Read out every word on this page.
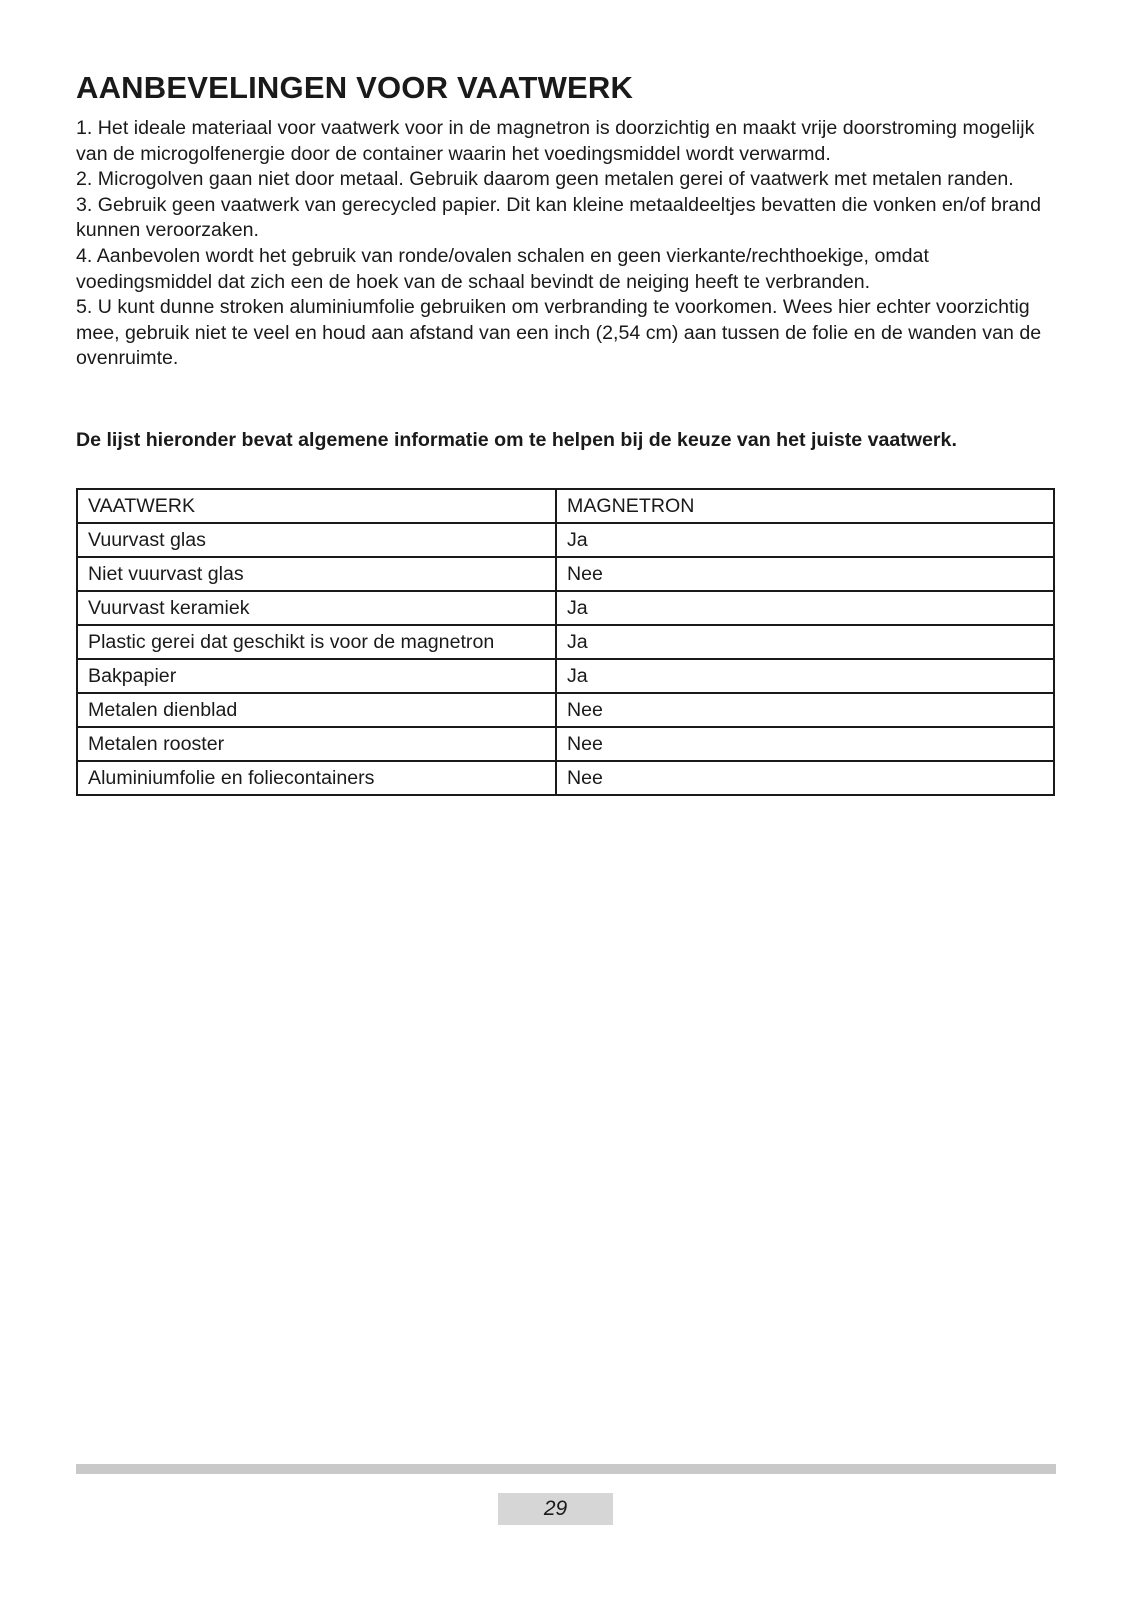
AANBEVELINGEN VOOR VAATWERK
1. Het ideale materiaal voor vaatwerk voor in de magnetron is doorzichtig en maakt vrije doorstroming mogelijk van de microgolfenergie door de container waarin het voedingsmiddel wordt verwarmd.
2. Microgolven gaan niet door metaal. Gebruik daarom geen metalen gerei of vaatwerk met metalen randen.
3. Gebruik geen vaatwerk van gerecycled papier. Dit kan kleine metaaldeeltjes bevatten die vonken en/of brand kunnen veroorzaken.
4. Aanbevolen wordt het gebruik van ronde/ovalen schalen en geen vierkante/rechthoekige, omdat voedingsmiddel dat zich een de hoek van de schaal bevindt de neiging heeft te verbranden.
5. U kunt dunne stroken aluminiumfolie gebruiken om verbranding te voorkomen. Wees hier echter voorzichtig mee, gebruik niet te veel en houd aan afstand van een inch (2,54 cm) aan tussen de folie en de wanden van de ovenruimte.

De lijst hieronder bevat algemene informatie om te helpen bij de keuze van het juiste vaatwerk.

VAATWERK	MAGNETRON
Vuurvast glas	Ja
Niet vuurvast glas	Nee
Vuurvast keramiek	Ja
Plastic gerei dat geschikt is voor de magnetron	Ja
Bakpapier	Ja
Metalen dienblad	Nee
Metalen rooster	Nee
Aluminiumfolie en foliecontainers	Nee
29
